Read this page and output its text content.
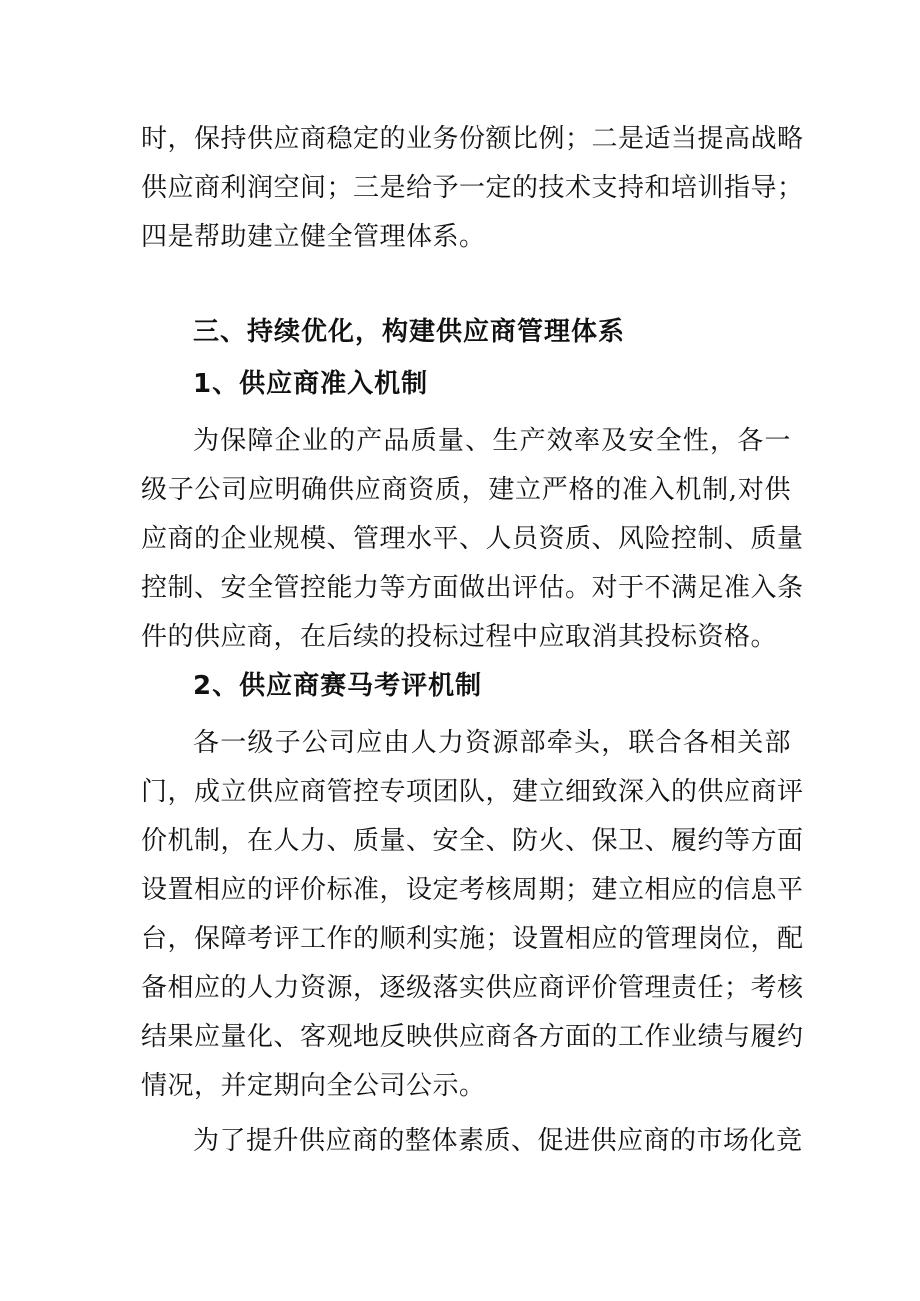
时，保持供应商稳定的业务份额比例；二是适当提高战略
供应商利润空间；三是给予一定的技术支持和培训指导；
四是帮助建立健全管理体系。
三、持续优化，构建供应商管理体系
1、供应商准入机制
为保障企业的产品质量、生产效率及安全性，各一
级子公司应明确供应商资质，建立严格的准入机制,对供
应商的企业规模、管理水平、人员资质、风险控制、质量
控制、安全管控能力等方面做出评估。对于不满足准入条
件的供应商，在后续的投标过程中应取消其投标资格。
2、供应商赛马考评机制
各一级子公司应由人力资源部牵头，联合各相关部
门，成立供应商管控专项团队，建立细致深入的供应商评
价机制，在人力、质量、安全、防火、保卫、履约等方面
设置相应的评价标准，设定考核周期；建立相应的信息平
台，保障考评工作的顺利实施；设置相应的管理岗位，配
备相应的人力资源，逐级落实供应商评价管理责任；考核
结果应量化、客观地反映供应商各方面的工作业绩与履约
情况，并定期向全公司公示。
为了提升供应商的整体素质、促进供应商的市场化竞
